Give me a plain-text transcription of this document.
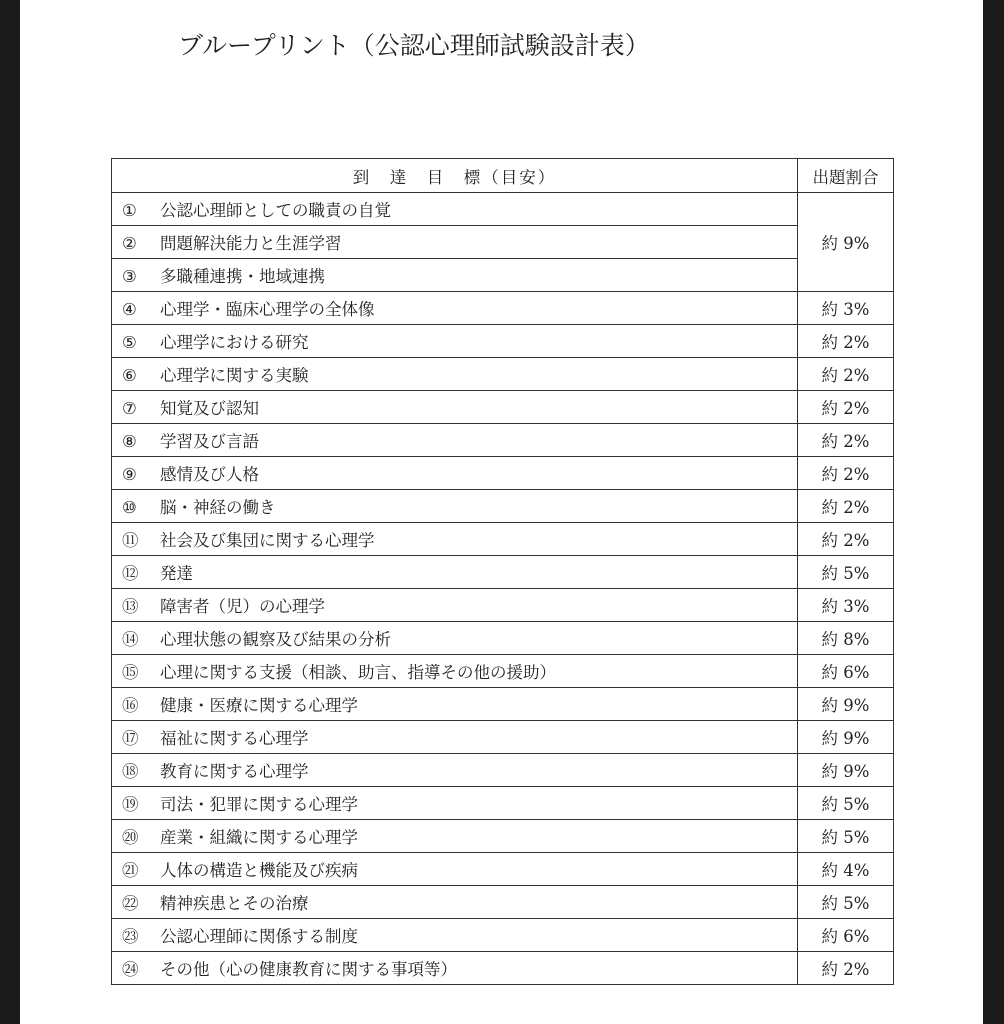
ブループリント（公認心理師試験設計表）
到　達　目　標（目安）	出題割合
① 公認心理師としての職責の自覚	約 9%
② 問題解決能力と生涯学習	
③ 多職種連携・地域連携	
④ 心理学・臨床心理学の全体像	約 3%
⑤ 心理学における研究	約 2%
⑥ 心理学に関する実験	約 2%
⑦ 知覚及び認知	約 2%
⑧ 学習及び言語	約 2%
⑨ 感情及び人格	約 2%
⑩ 脳・神経の働き	約 2%
⑪ 社会及び集団に関する心理学	約 2%
⑫ 発達	約 5%
⑬ 障害者（児）の心理学	約 3%
⑭ 心理状態の観察及び結果の分析	約 8%
⑮ 心理に関する支援（相談、助言、指導その他の援助）	約 6%
⑯ 健康・医療に関する心理学	約 9%
⑰ 福祉に関する心理学	約 9%
⑱ 教育に関する心理学	約 9%
⑲ 司法・犯罪に関する心理学	約 5%
⑳ 産業・組織に関する心理学	約 5%
㉑ 人体の構造と機能及び疾病	約 4%
㉒ 精神疾患とその治療	約 5%
㉓ 公認心理師に関係する制度	約 6%
㉔ その他（心の健康教育に関する事項等）	約 2%
